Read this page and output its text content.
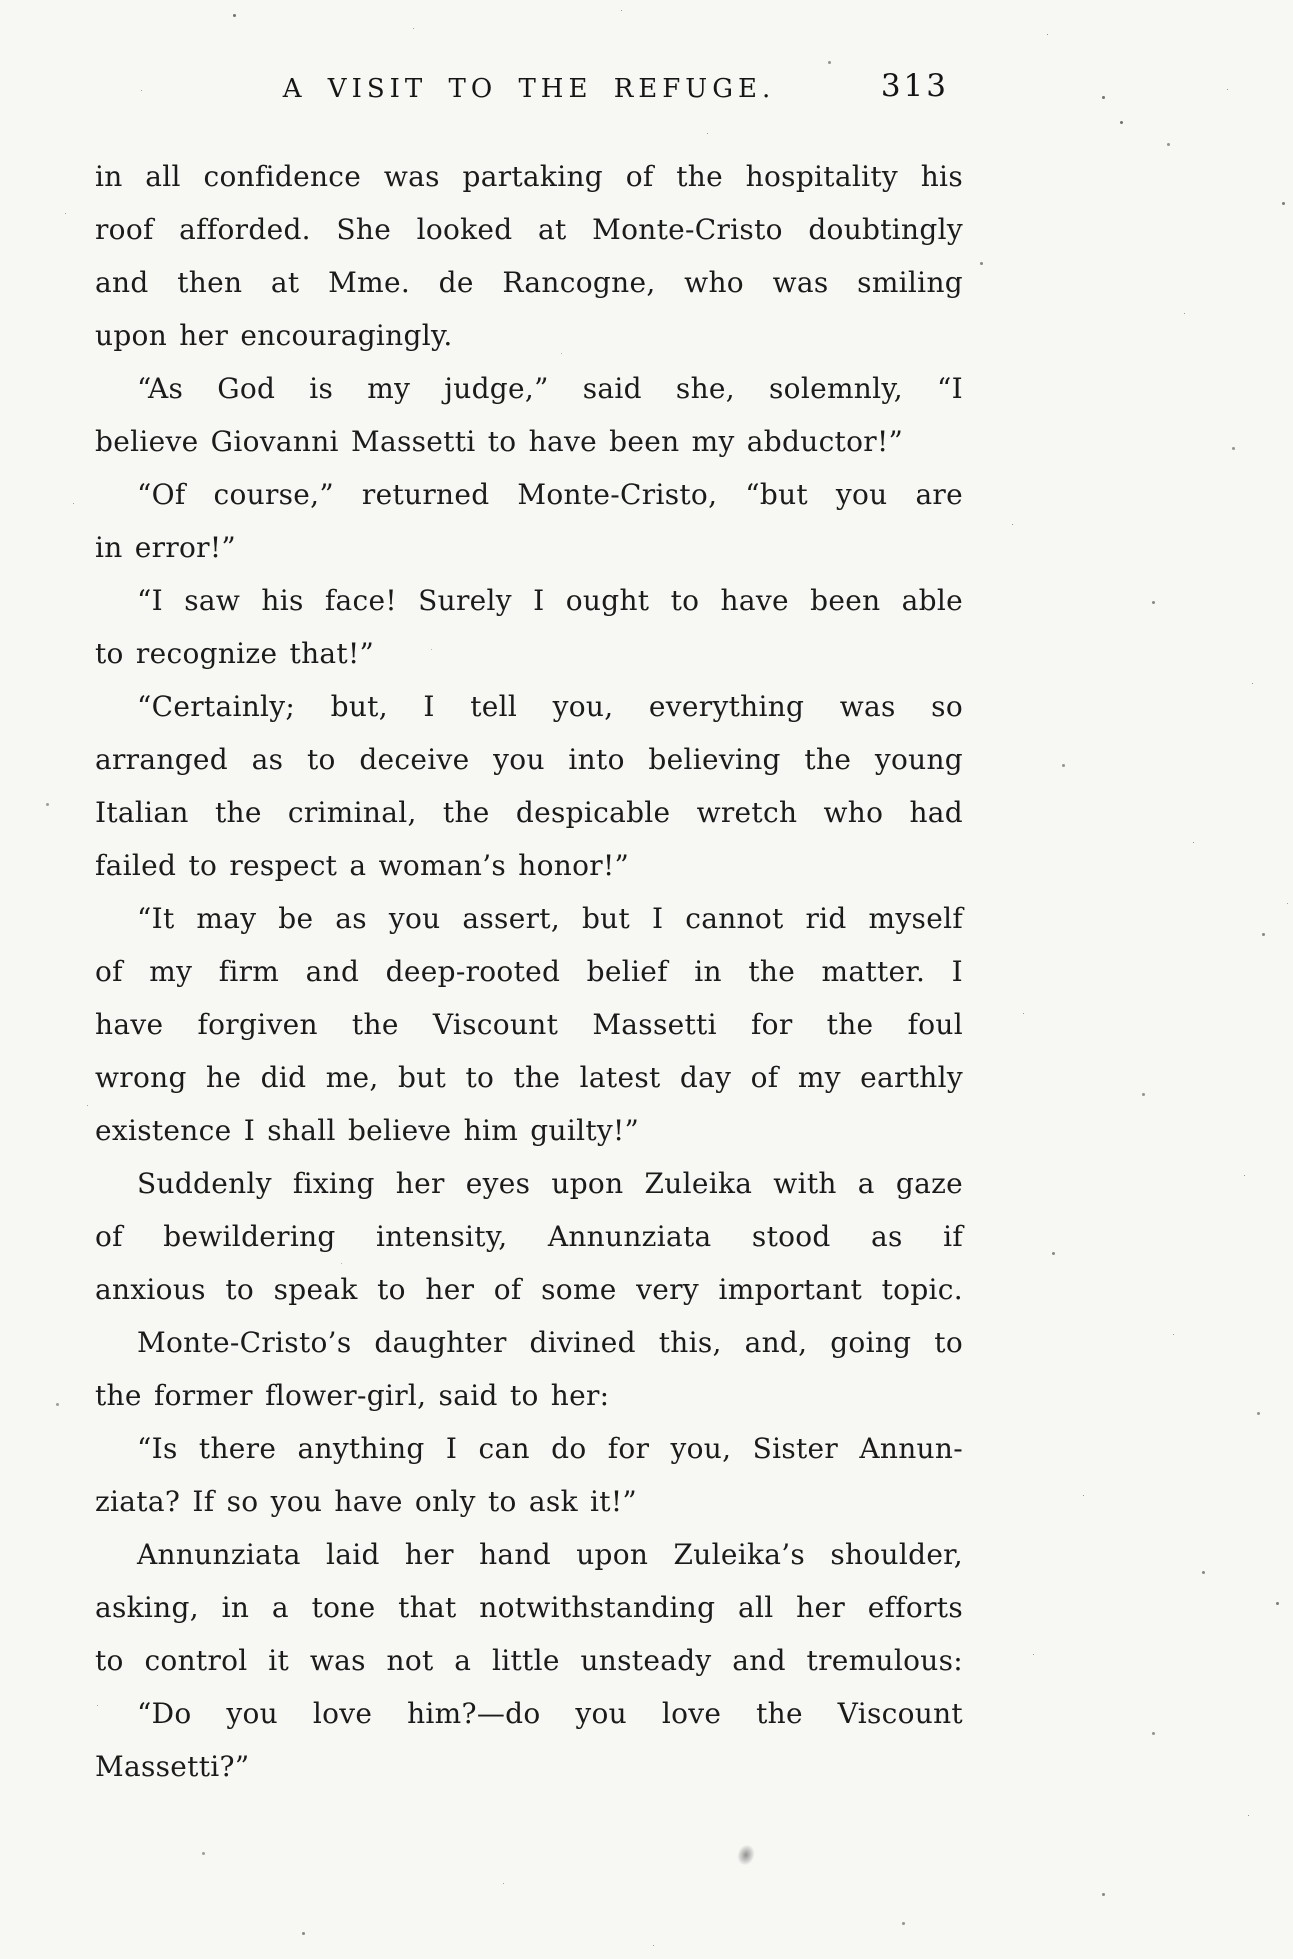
A VISIT TO THE REFUGE.	313
in all confidence was partaking of the hospitality his
roof afforded. She looked at Monte-Cristo doubtingly
and then at Mme. de Rancogne, who was smiling
upon her encouragingly.
“As God is my judge,” said she, solemnly, “I
believe Giovanni Massetti to have been my abductor!”
“Of course,” returned Monte-Cristo, “but you are
in error!”
“I saw his face! Surely I ought to have been able
to recognize that!”
“Certainly; but, I tell you, everything was so
arranged as to deceive you into believing the young
Italian the criminal, the despicable wretch who had
failed to respect a woman’s honor!”
“It may be as you assert, but I cannot rid myself
of my firm and deep-rooted belief in the matter. I
have forgiven the Viscount Massetti for the foul
wrong he did me, but to the latest day of my earthly
existence I shall believe him guilty!”
Suddenly fixing her eyes upon Zuleika with a gaze
of bewildering intensity, Annunziata stood as if
anxious to speak to her of some very important topic.
Monte-Cristo’s daughter divined this, and, going to
the former flower-girl, said to her:
“Is there anything I can do for you, Sister Annun-
ziata? If so you have only to ask it!”
Annunziata laid her hand upon Zuleika’s shoulder,
asking, in a tone that notwithstanding all her efforts
to control it was not a little unsteady and tremulous:
“Do you love him?—do you love the Viscount
Massetti?”
